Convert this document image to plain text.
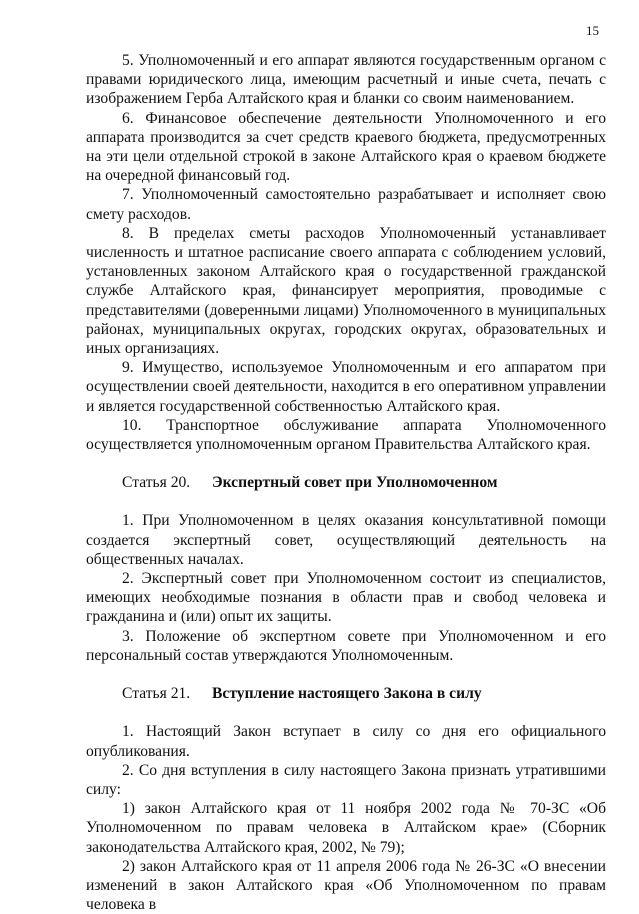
15

5. Уполномоченный и его аппарат являются государственным органом с правами юридического лица, имеющим расчетный и иные счета, печать с изображением Герба Алтайского края и бланки со своим наименованием.

6. Финансовое обеспечение деятельности Уполномоченного и его аппарата производится за счет средств краевого бюджета, предусмотренных на эти цели отдельной строкой в законе Алтайского края о краевом бюджете на очередной финансовый год.

7. Уполномоченный самостоятельно разрабатывает и исполняет свою смету расходов.

8. В пределах сметы расходов Уполномоченный устанавливает численность и штатное расписание своего аппарата с соблюдением условий, установленных законом Алтайского края о государственной гражданской службе Алтайского края, финансирует мероприятия, проводимые с представителями (доверенными лицами) Уполномоченного в муниципальных районах, муниципальных округах, городских округах, образовательных и иных организациях.

9. Имущество, используемое Уполномоченным и его аппаратом при осуществлении своей деятельности, находится в его оперативном управлении и является государственной собственностью Алтайского края.

10. Транспортное обслуживание аппарата Уполномоченного осуществляется уполномоченным органом Правительства Алтайского края.

Статья 20.	Экспертный совет при Уполномоченном

1. При Уполномоченном в целях оказания консультативной помощи создается экспертный совет, осуществляющий деятельность на общественных началах.

2. Экспертный совет при Уполномоченном состоит из специалистов, имеющих необходимые познания в области прав и свобод человека и гражданина и (или) опыт их защиты.

3. Положение об экспертном совете при Уполномоченном и его персональный состав утверждаются Уполномоченным.

Статья 21.	Вступление настоящего Закона в силу

1. Настоящий Закон вступает в силу со дня его официального опубликования.

2. Со дня вступления в силу настоящего Закона признать утратившими силу:

1) закон Алтайского края от 11 ноября 2002 года № 70-ЗС «Об Уполномоченном по правам человека в Алтайском крае» (Сборник законодательства Алтайского края, 2002, № 79);

2) закон Алтайского края от 11 апреля 2006 года № 26-ЗС «О внесении изменений в закон Алтайского края «Об Уполномоченном по правам человека в
